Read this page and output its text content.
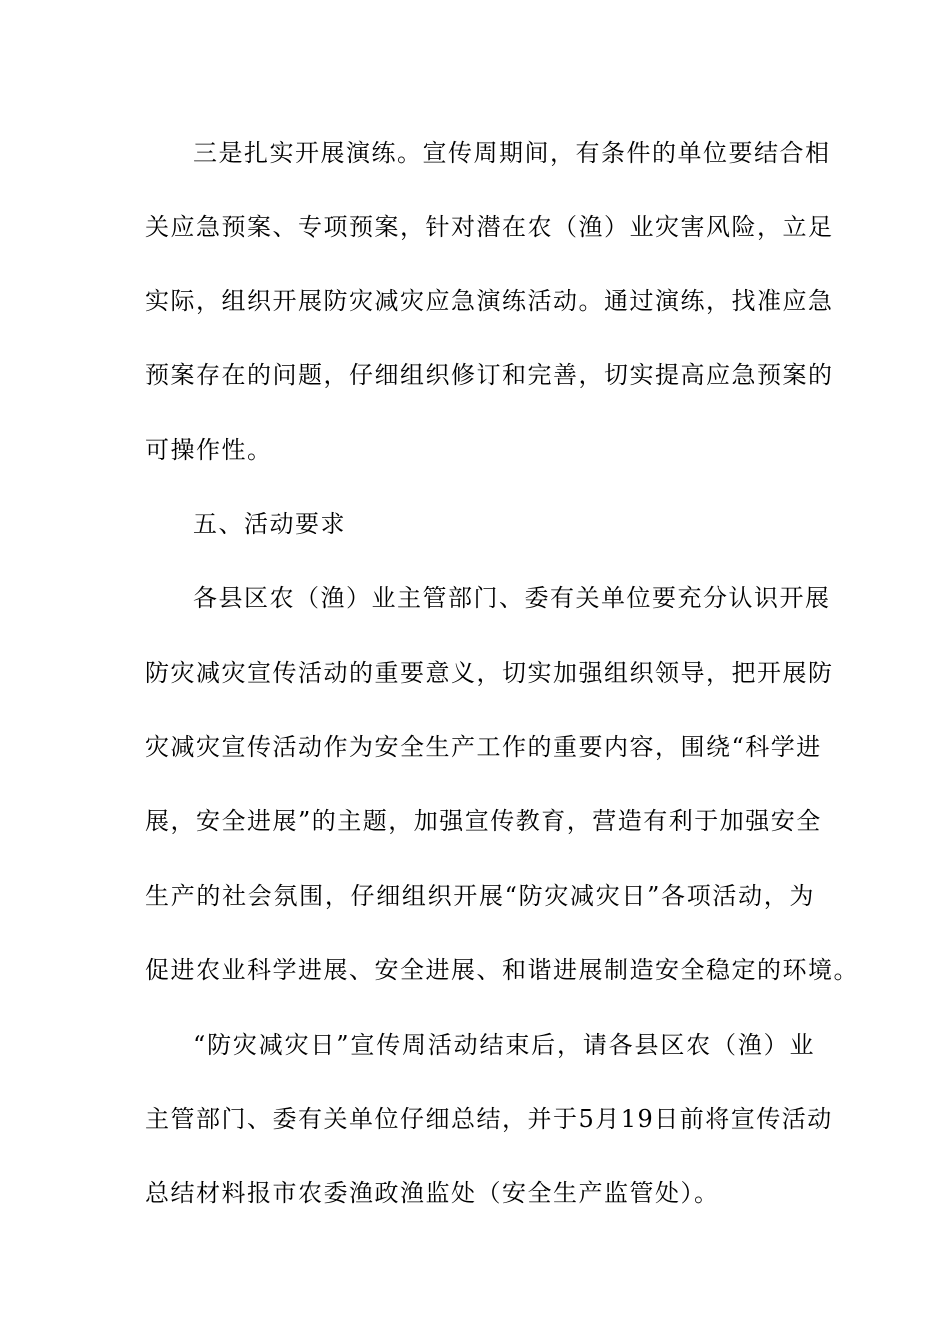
三是扎实开展演练。宣传周期间，有条件的单位要结合相
关应急预案、专项预案，针对潜在农（渔）业灾害风险，立足
实际，组织开展防灾减灾应急演练活动。通过演练，找准应急
预案存在的问题，仔细组织修订和完善，切实提高应急预案的
可操作性。
五、活动要求
各县区农（渔）业主管部门、委有关单位要充分认识开展
防灾减灾宣传活动的重要意义，切实加强组织领导，把开展防
灾减灾宣传活动作为安全生产工作的重要内容，围绕“科学进
展，安全进展”的主题，加强宣传教育，营造有利于加强安全
生产的社会氛围，仔细组织开展“防灾减灾日”各项活动，为
促进农业科学进展、安全进展、和谐进展制造安全稳定的环境。
“防灾减灾日”宣传周活动结束后，请各县区农（渔）业
主管部门、委有关单位仔细总结，并于5月19日前将宣传活动
总结材料报市农委渔政渔监处（安全生产监管处）。
